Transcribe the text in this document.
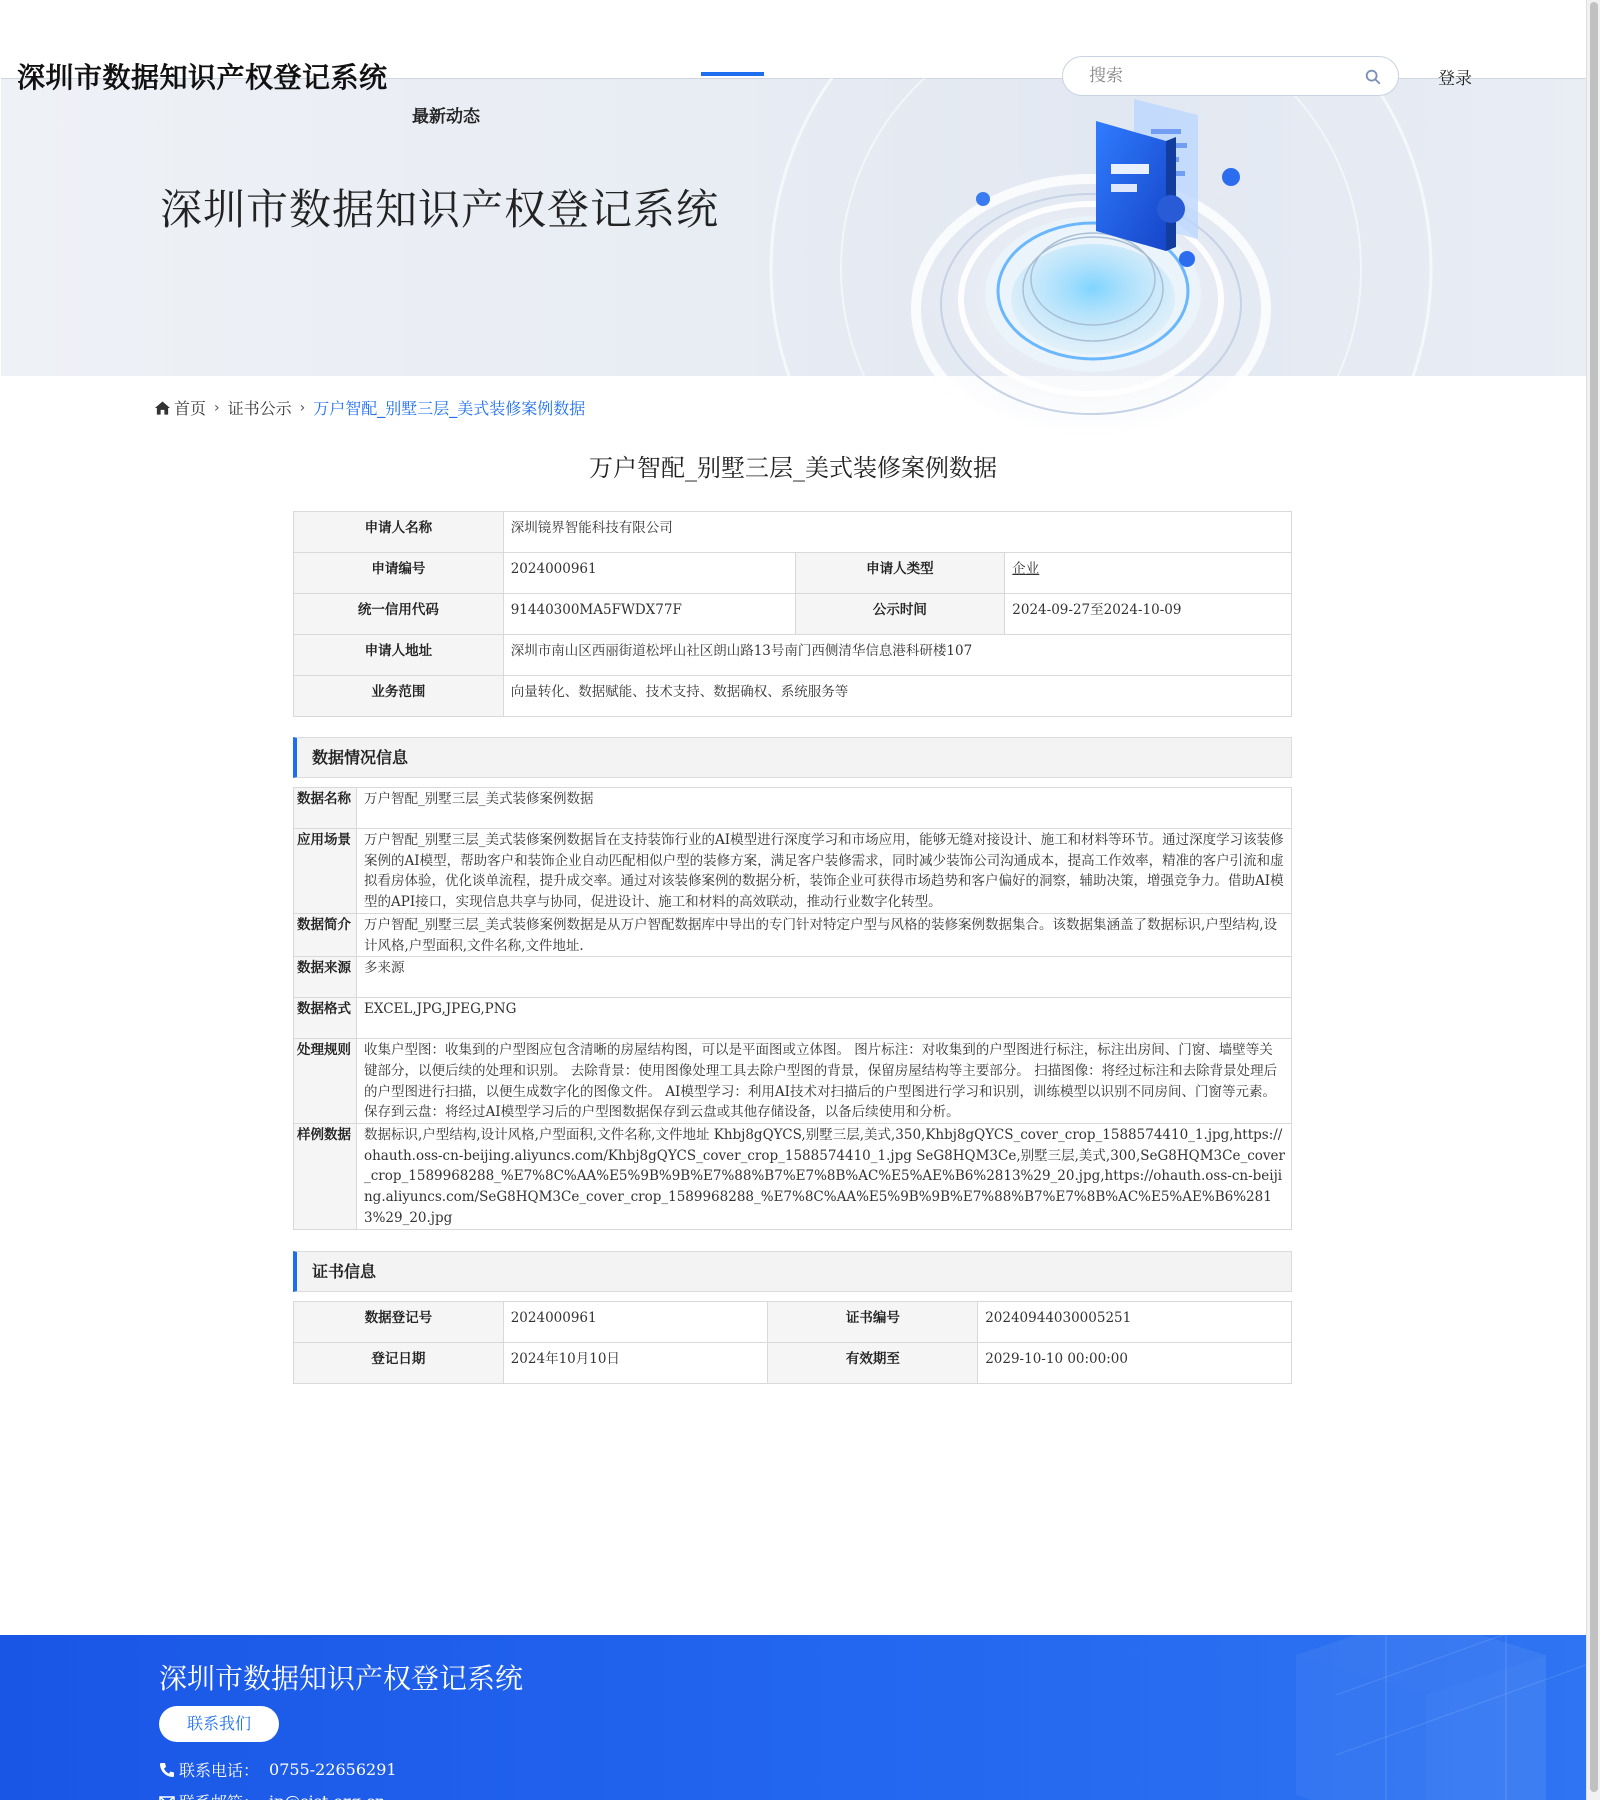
最新动态
深圳市数据知识产权登记系统
搜索	登录
深圳市数据知识产权登记系统
首页 › 证书公示 › 万户智配_别墅三层_美式装修案例数据
万户智配_别墅三层_美式装修案例数据
申请人名称	深圳镜界智能科技有限公司		
申请编号	2024000961	申请人类型	企业
统一信用代码	91440300MA5FWDX77F	公示时间	2024-09-27至2024-10-09
申请人地址	深圳市南山区西丽街道松坪山社区朗山路13号南门西侧清华信息港科研楼107		
业务范围	向量转化、数据赋能、技术支持、数据确权、系统服务等		
数据情况信息
数据名称	万户智配_别墅三层_美式装修案例数据
应用场景	万户智配_别墅三层_美式装修案例数据旨在支持装饰行业的AI模型进行深度学习和市场应用，能够无缝对接设计、施工和材料等环节。通过深度学习该装修案例的AI模型，帮助客户和装饰企业自动匹配相似户型的装修方案，满足客户装修需求，同时减少装饰公司沟通成本，提高工作效率，精准的客户引流和虚拟看房体验，优化谈单流程，提升成交率。通过对该装修案例的数据分析，装饰企业可获得市场趋势和客户偏好的洞察，辅助决策，增强竞争力。借助AI模型的API接口，实现信息共享与协同，促进设计、施工和材料的高效联动，推动行业数字化转型。
数据简介	万户智配_别墅三层_美式装修案例数据是从万户智配数据库中导出的专门针对特定户型与风格的装修案例数据集合。该数据集涵盖了数据标识,户型结构,设计风格,户型面积,文件名称,文件地址.
数据来源	多来源
数据格式	EXCEL,JPG,JPEG,PNG
处理规则	收集户型图：收集到的户型图应包含清晰的房屋结构图，可以是平面图或立体图。 图片标注：对收集到的户型图进行标注，标注出房间、门窗、墙壁等关键部分，以便后续的处理和识别。 去除背景：使用图像处理工具去除户型图的背景，保留房屋结构等主要部分。 扫描图像：将经过标注和去除背景处理后的户型图进行扫描，以便生成数字化的图像文件。 AI模型学习：利用AI技术对扫描后的户型图进行学习和识别，训练模型以识别不同房间、门窗等元素。 保存到云盘：将经过AI模型学习后的户型图数据保存到云盘或其他存储设备，以备后续使用和分析。
样例数据	数据标识,户型结构,设计风格,户型面积,文件名称,文件地址 Khbj8gQYCS,别墅三层,美式,350,Khbj8gQYCS_cover_crop_1588574410_1.jpg,https://ohauth.oss-cn-beijing.aliyuncs.com/Khbj8gQYCS_cover_crop_1588574410_1.jpg SeG8HQM3Ce,别墅三层,美式,300,SeG8HQM3Ce_cover_crop_1589968288_%E7%8C%AA%E5%9B%9B%E7%88%B7%E7%8B%AC%E5%AE%B6%2813%29_20.jpg,https://ohauth.oss-cn-beijing.aliyuncs.com/SeG8HQM3Ce_cover_crop_1589968288_%E7%8C%AA%E5%9B%9B%E7%88%B7%E7%8B%AC%E5%AE%B6%2813%29_20.jpg
证书信息
数据登记号	2024000961	证书编号	20240944030005251
登记日期	2024年10月10日	有效期至	2029-10-10 00:00:00
深圳市数据知识产权登记系统
联系我们
联系电话： 0755-22656291
联系邮箱： ip@sist.org.cn
